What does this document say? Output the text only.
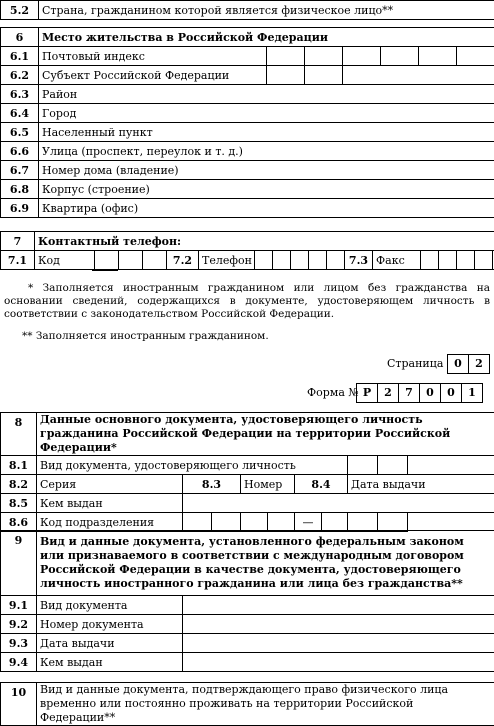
5.2	Страна, гражданином которой является физическое лицо**
6	Место жительства в Российской Федерации						
6.1	Почтовый индекс						
6.2	Субъект Российской Федерации						
6.3	Район						
6.4	Город						
6.5	Населенный пункт						
6.6	Улица (проспект, переулок и т. д.)						
6.7	Номер дома (владение)						
6.8	Корпус (строение)						
6.9	Квартира (офис)						
7	Контактный телефон:																	
7.1	Код				7.2	Телефон						7.3	Факс					
* Заполняется иностранным гражданином или лицом без гражданства на основании сведений, содержащихся в документе, удостоверяющем личность в соответствии с законодательством Российской Федерации.
** Заполняется иностранным гражданином.
Страница 0	2
Форма № Р	2	7	0	0	1
8	Данные основного документа, удостоверяющего личность гражданина Российской Федерации на территории Российской Федерации*									
8.1	Вид документа, удостоверяющего личность									
8.2	Серия	8.3		Номер		8.4		Дата выдачи		
8.5	Кем выдан									
8.6	Код подразделения					—				
9	Вид и данные документа, установленного федеральным законом или признаваемого в соответствии с международным договором Российской Федерации в качестве документа, удостоверяющего личность иностранного гражданина или лица без гражданства**	
9.1	Вид документа	
9.2	Номер документа	
9.3	Дата выдачи	
9.4	Кем выдан	
10	Вид и данные документа, подтверждающего право физического лица временно или постоянно проживать на территории Российской Федерации**
